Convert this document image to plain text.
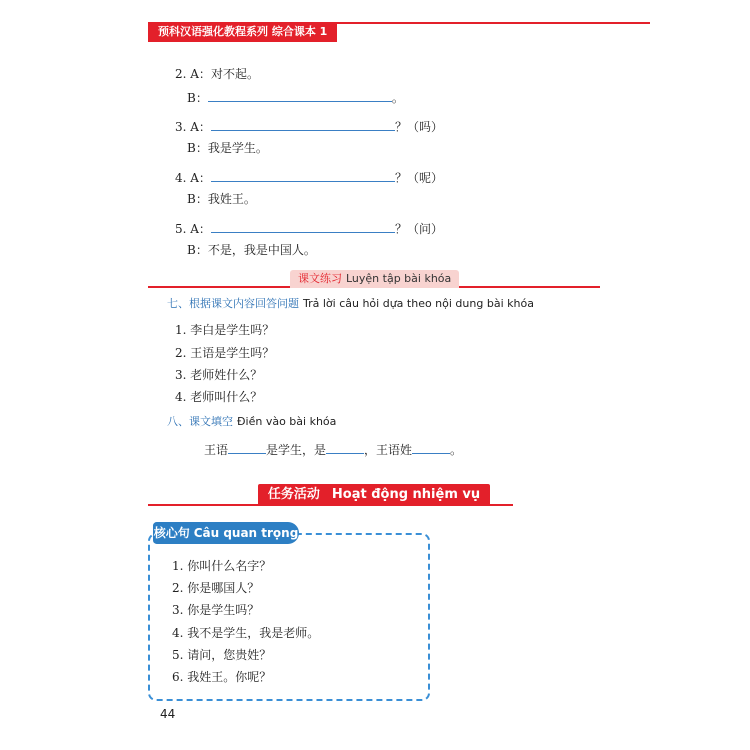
预科汉语强化教程系列 综合课本 1
2. A：对不起。
B：	。
3. A：	？（吗）
B：我是学生。
4. A：	？（呢）
B：我姓王。
5. A：	？（问）
B：不是，我是中国人。
课文练习 Luyện tập bài khóa
七、根据课文内容回答问题 Trả lời câu hỏi dựa theo nội dung bài khóa
1. 李白是学生吗？
2. 王语是学生吗？
3. 老师姓什么？
4. 老师叫什么？
八、课文填空 Điền vào bài khóa
王语	是学生，是	，王语姓	。
任务活动 Hoạt động nhiệm vụ
核心句 Câu quan trọng
1. 你叫什么名字？
2. 你是哪国人？
3. 你是学生吗？
4. 我不是学生，我是老师。
5. 请问，您贵姓？
6. 我姓王。你呢？
44
